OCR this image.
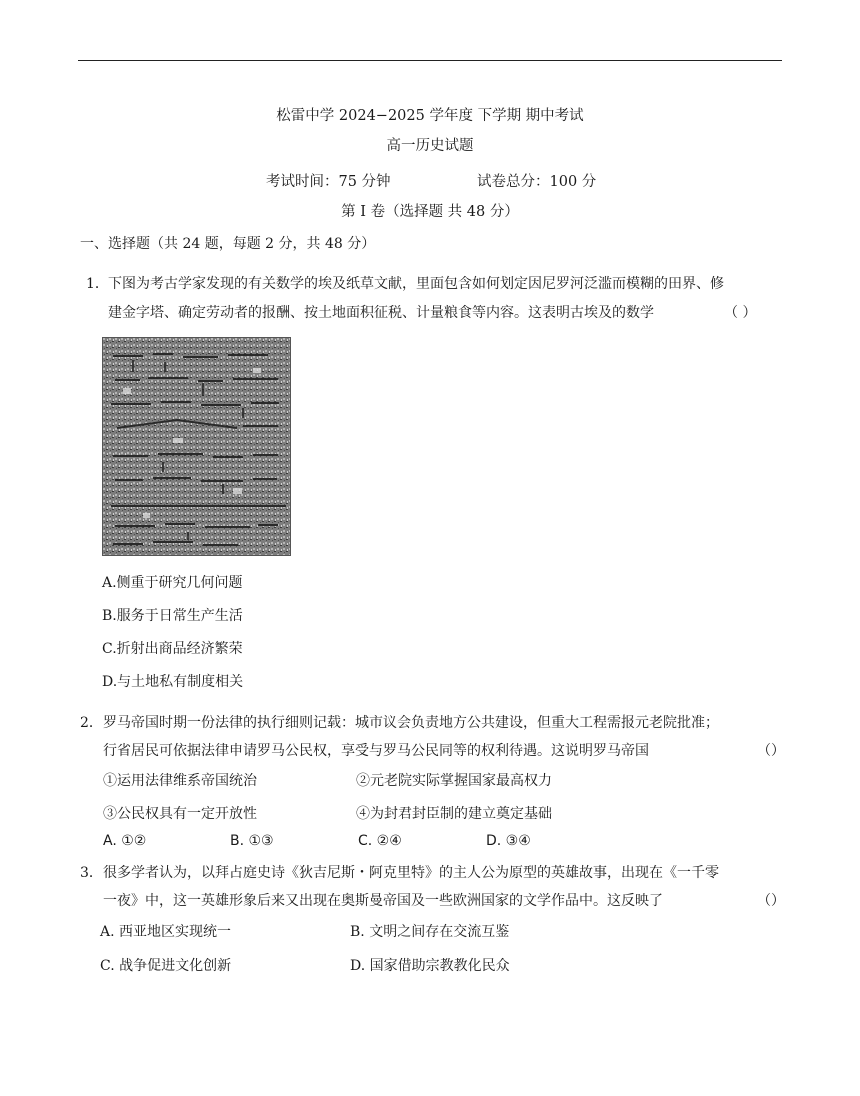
松雷中学 2024−2025 学年度 下学期 期中考试
高一历史试题
考试时间：75 分钟	试卷总分：100 分
第 I 卷（选择题 共 48 分）
一、选择题（共 24 题，每题 2 分，共 48 分）
1． 下图为考古学家发现的有关数学的埃及纸草文献，里面包含如何划定因尼罗河泛滥而模糊的田界、修
建金字塔、确定劳动者的报酬、按土地面积征税、计量粮食等内容。这表明古埃及的数学	（ ）
A.侧重于研究几何问题
B.服务于日常生产生活
C.折射出商品经济繁荣
D.与土地私有制度相关
2． 罗马帝国时期一份法律的执行细则记载：城市议会负责地方公共建设，但重大工程需报元老院批准；
行省居民可依据法律申请罗马公民权，享受与罗马公民同等的权利待遇。这说明罗马帝国	（）
①运用法律维系帝国统治	②元老院实际掌握国家最高权力
③公民权具有一定开放性	④为封君封臣制的建立奠定基础
A. ①②	B. ①③	C. ②④	D. ③④
3． 很多学者认为，以拜占庭史诗《狄吉尼斯・阿克里特》的主人公为原型的英雄故事，出现在《一千零
一夜》中，这一英雄形象后来又出现在奥斯曼帝国及一些欧洲国家的文学作品中。这反映了	（）
A. 西亚地区实现统一	B. 文明之间存在交流互鉴
C. 战争促进文化创新	D. 国家借助宗教教化民众
